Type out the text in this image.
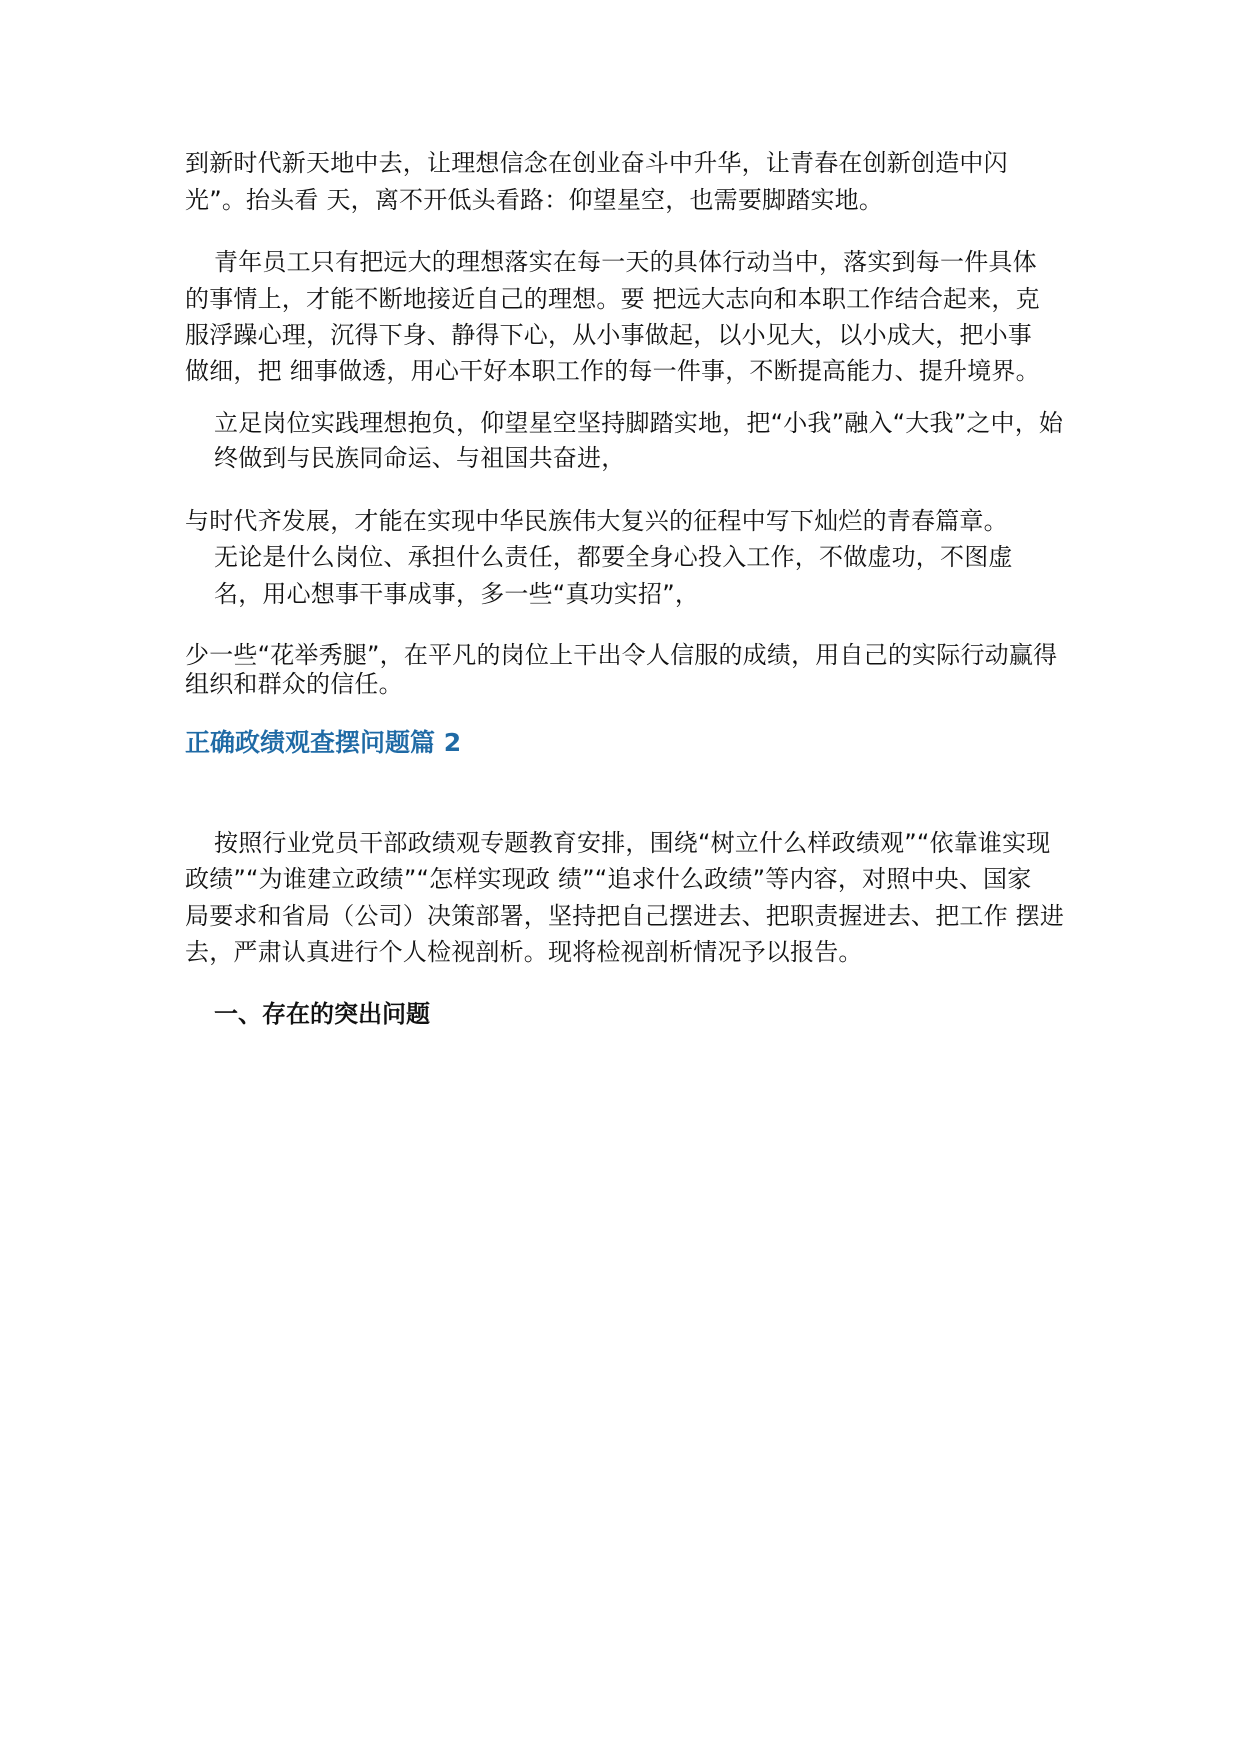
到新时代新天地中去，让理想信念在创业奋斗中升华，让青春在创新创造中闪
光”。抬头看 天，离不开低头看路：仰望星空，也需要脚踏实地。
青年员工只有把远大的理想落实在每一天的具体行动当中，落实到每一件具体
的事情上，才能不断地接近自己的理想。要 把远大志向和本职工作结合起来，克
服浮躁心理，沉得下身、静得下心，从小事做起，以小见大，以小成大，把小事
做细，把 细事做透，用心干好本职工作的每一件事，不断提高能力、提升境界。
立足岗位实践理想抱负，仰望星空坚持脚踏实地，把“小我”融入“大我”之中，始
终做到与民族同命运、与祖国共奋进，
与时代齐发展，才能在实现中华民族伟大复兴的征程中写下灿烂的青春篇章。
无论是什么岗位、承担什么责任，都要全身心投入工作，不做虚功，不图虚
名，用心想事干事成事，多一些“真功实招”，
少一些“花举秀腿”，在平凡的岗位上干出令人信服的成绩，用自己的实际行动赢得
组织和群众的信任。
正确政绩观查摆问题篇 2
按照行业党员干部政绩观专题教育安排，围绕“树立什么样政绩观”“依靠谁实现
政绩”“为谁建立政绩”“怎样实现政 绩”“追求什么政绩”等内容，对照中央、国家
局要求和省局（公司）决策部署，坚持把自己摆进去、把职责握进去、把工作 摆进
去，严肃认真进行个人检视剖析。现将检视剖析情况予以报告。
一、存在的突出问题
